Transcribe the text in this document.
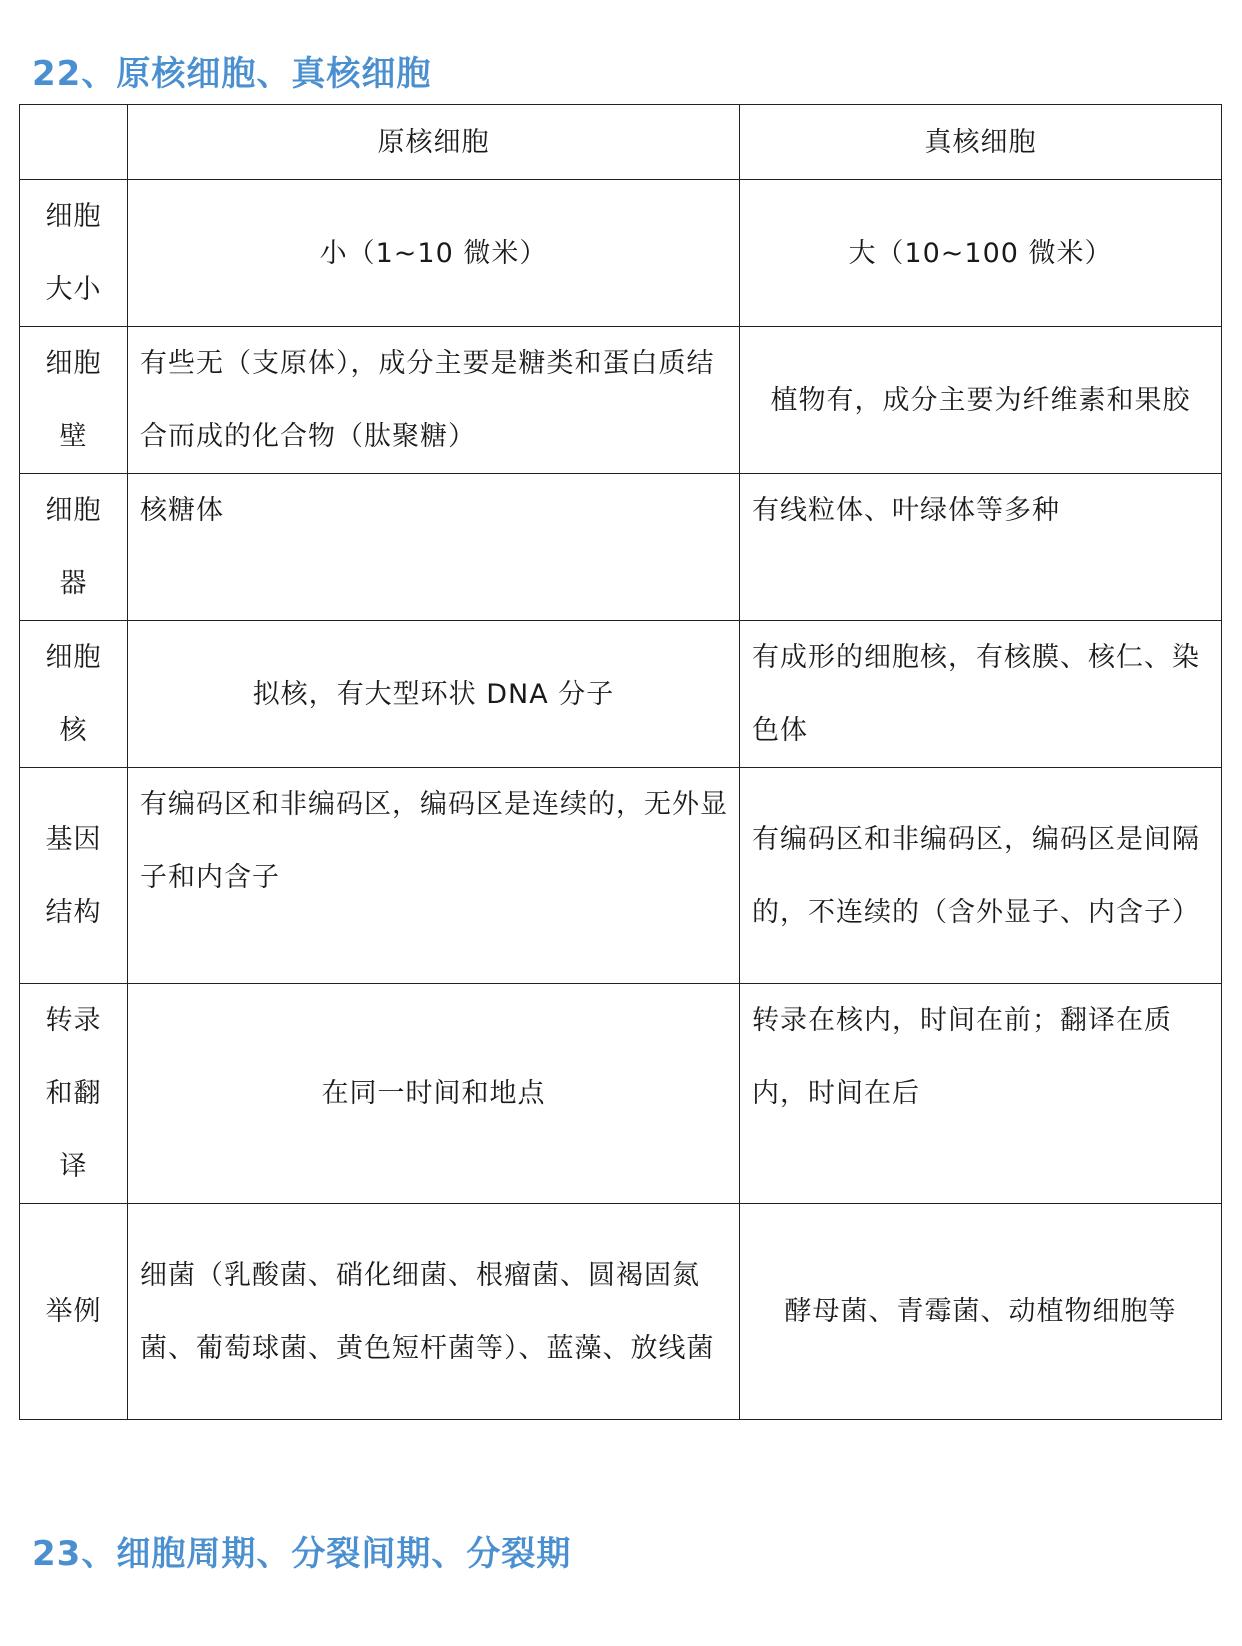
22、原核细胞、真核细胞
	原核细胞	真核细胞

细胞
大小	小（1~10 微米）	大（10~100 微米）

细胞
壁	有些无（支原体），成分主要是糖类和蛋白质结合而成的化合物（肽聚糖）	植物有，成分主要为纤维素和果胶

细胞
器	核糖体	有线粒体、叶绿体等多种

细胞
核	拟核，有大型环状 DNA 分子	有成形的细胞核，有核膜、核仁、染色体

基因
结构	有编码区和非编码区，编码区是连续的，无外显子和内含子	有编码区和非编码区，编码区是间隔的，不连续的（含外显子、内含子）

转录
和翻
译	在同一时间和地点	转录在核内，时间在前；翻译在质内，时间在后

举例	细菌（乳酸菌、硝化细菌、根瘤菌、圆褐固氮菌、葡萄球菌、黄色短杆菌等）、蓝藻、放线菌	酵母菌、青霉菌、动植物细胞等
23、细胞周期、分裂间期、分裂期
